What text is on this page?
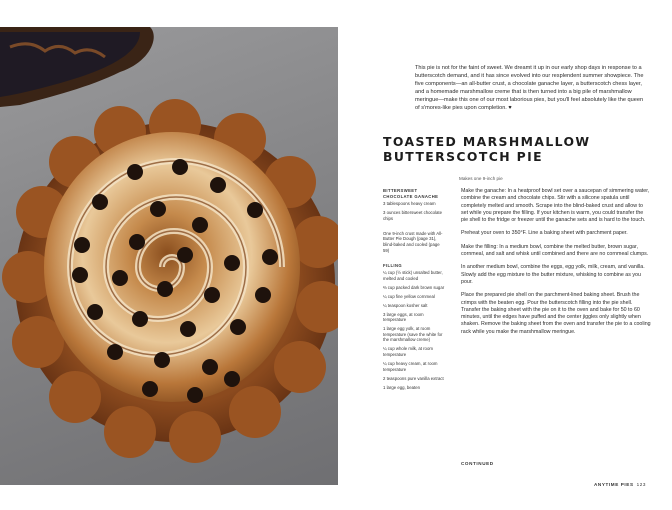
This pie is not for the faint of sweet. We dreamt it up in our early shop days in response to a butterscotch demand, and it has since evolved into our resplendent summer showpiece. The five components—an all-butter crust, a chocolate ganache layer, a butterscotch chess layer, and a homemade marshmallow creme that is then turned into a big pile of marshmallow meringue—make this one of our most laborious pies, but you'll feel absolutely like the queen of s'mores-like pies upon completion. ♥
TOASTED MARSHMALLOW
BUTTERSCOTCH PIE
Makes one 9-inch pie
BITTERSWEET CHOCOLATE GANACHE
3 tablespoons heavy cream
3 ounces bittersweet chocolate chips
One 9-inch crust made with All-Butter Pie Dough (page 31), blind-baked and cooled (page 59)
FILLING
¼ cup (½ stick) unsalted butter, melted and cooled
⅔ cup packed dark brown sugar
¼ cup fine yellow cornmeal
¼ teaspoon kosher salt
3 large eggs, at room temperature
1 large egg yolk, at room temperature (save the white for the marshmallow creme)
¼ cup whole milk, at room temperature
¼ cup heavy cream, at room temperature
2 teaspoons pure vanilla extract
1 large egg, beaten

Make the ganache: In a heatproof bowl set over a saucepan of simmering water, combine the cream and chocolate chips. Stir with a silicone spatula until completely melted and smooth. Scrape into the blind-baked crust and allow to set while you prepare the filling. If your kitchen is warm, you could transfer the pie shell to the fridge or freezer until the ganache sets and is hard to the touch.

Preheat your oven to 350°F. Line a baking sheet with parchment paper.

Make the filling: In a medium bowl, combine the melted butter, brown sugar, cornmeal, and salt and whisk until combined and there are no cornmeal clumps.

In another medium bowl, combine the eggs, egg yolk, milk, cream, and vanilla. Slowly add the egg mixture to the butter mixture, whisking to combine as you pour.

Place the prepared pie shell on the parchment-lined baking sheet. Brush the crimps with the beaten egg. Pour the butterscotch filling into the pie shell. Transfer the baking sheet with the pie on it to the oven and bake for 50 to 60 minutes, until the edges have puffed and the center jiggles only slightly when shaken. Remove the baking sheet from the oven and transfer the pie to a cooling rack while you make the marshmallow meringue.

CONTINUED
ANYTIME PIES 123
